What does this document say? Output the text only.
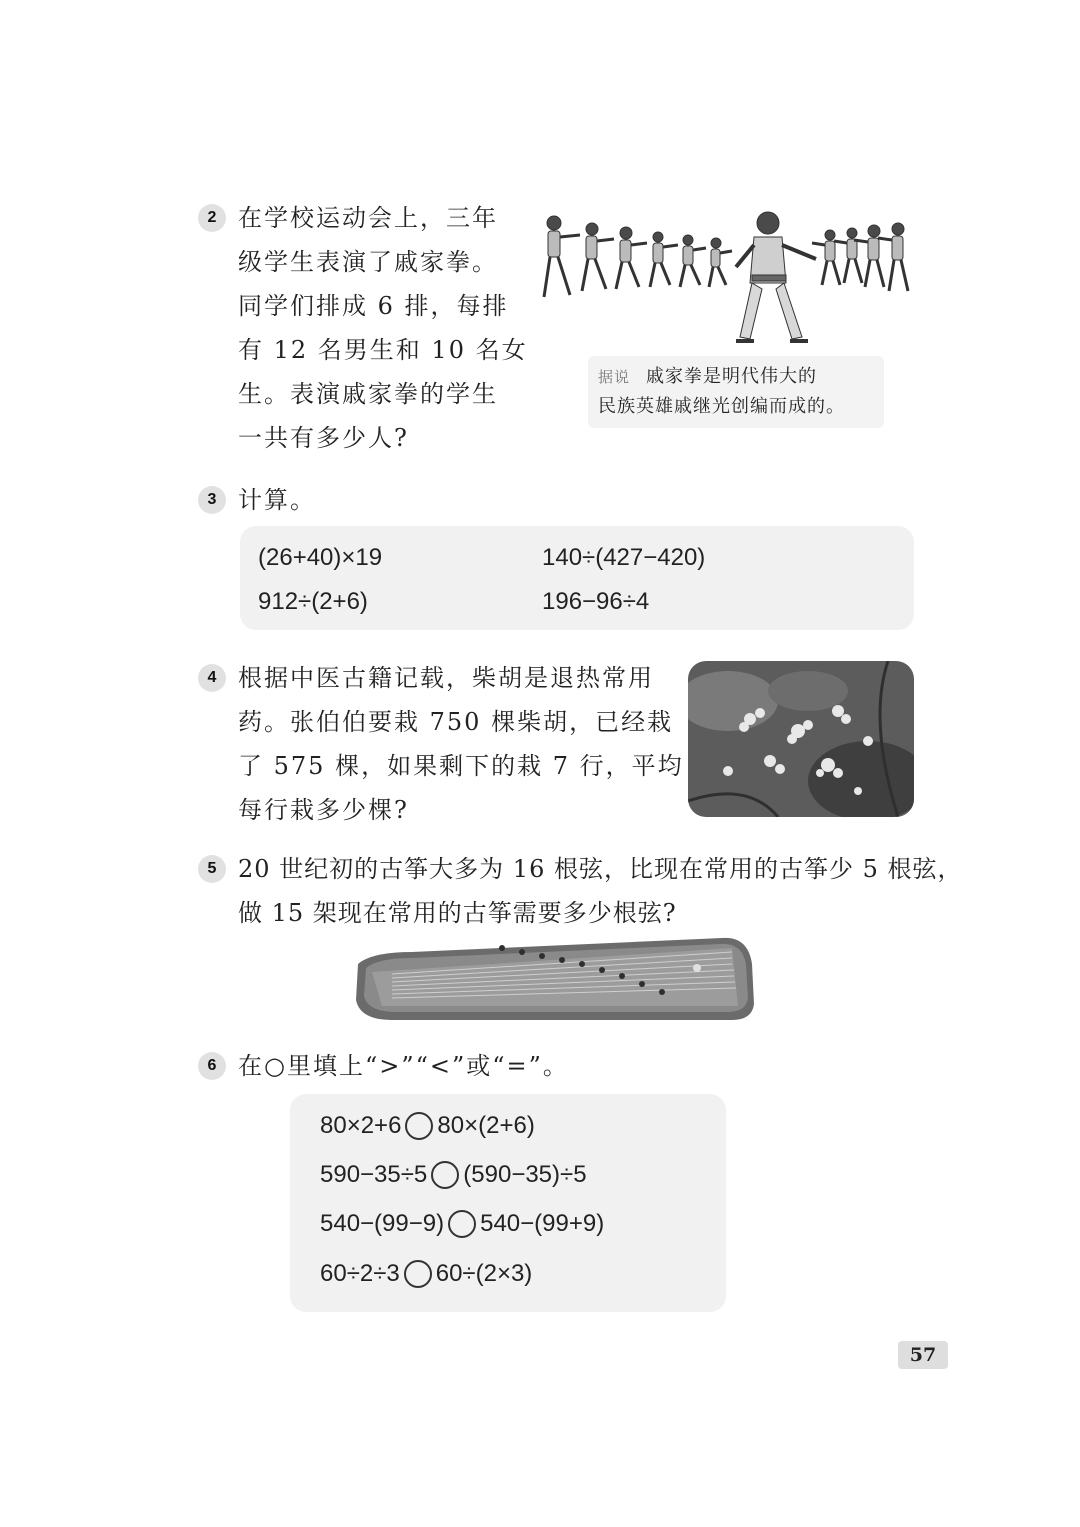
2 在学校运动会上，三年
级学生表演了戚家拳。
同学们排成 6 排，每排
有 12 名男生和 10 名女
生。表演戚家拳的学生
一共有多少人?
据说 戚家拳是明代伟大的
民族英雄戚继光创编而成的。
3 计算。
(26+40)×19	140÷(427−420)
912÷(2+6)	196−96÷4
4 根据中医古籍记载，柴胡是退热常用
药。张伯伯要栽 750 棵柴胡，已经栽
了 575 棵，如果剩下的栽 7 行，平均
每行栽多少棵?
5 20 世纪初的古筝大多为 16 根弦，比现在常用的古筝少 5 根弦，
做 15 架现在常用的古筝需要多少根弦?
6 在○里填上“>”“<”或“=”。
80×2+6 80×(2+6)
590−35÷5 (590−35)÷5
540−(99−9) 540−(99+9)
60÷2÷3 60÷(2×3)
57
